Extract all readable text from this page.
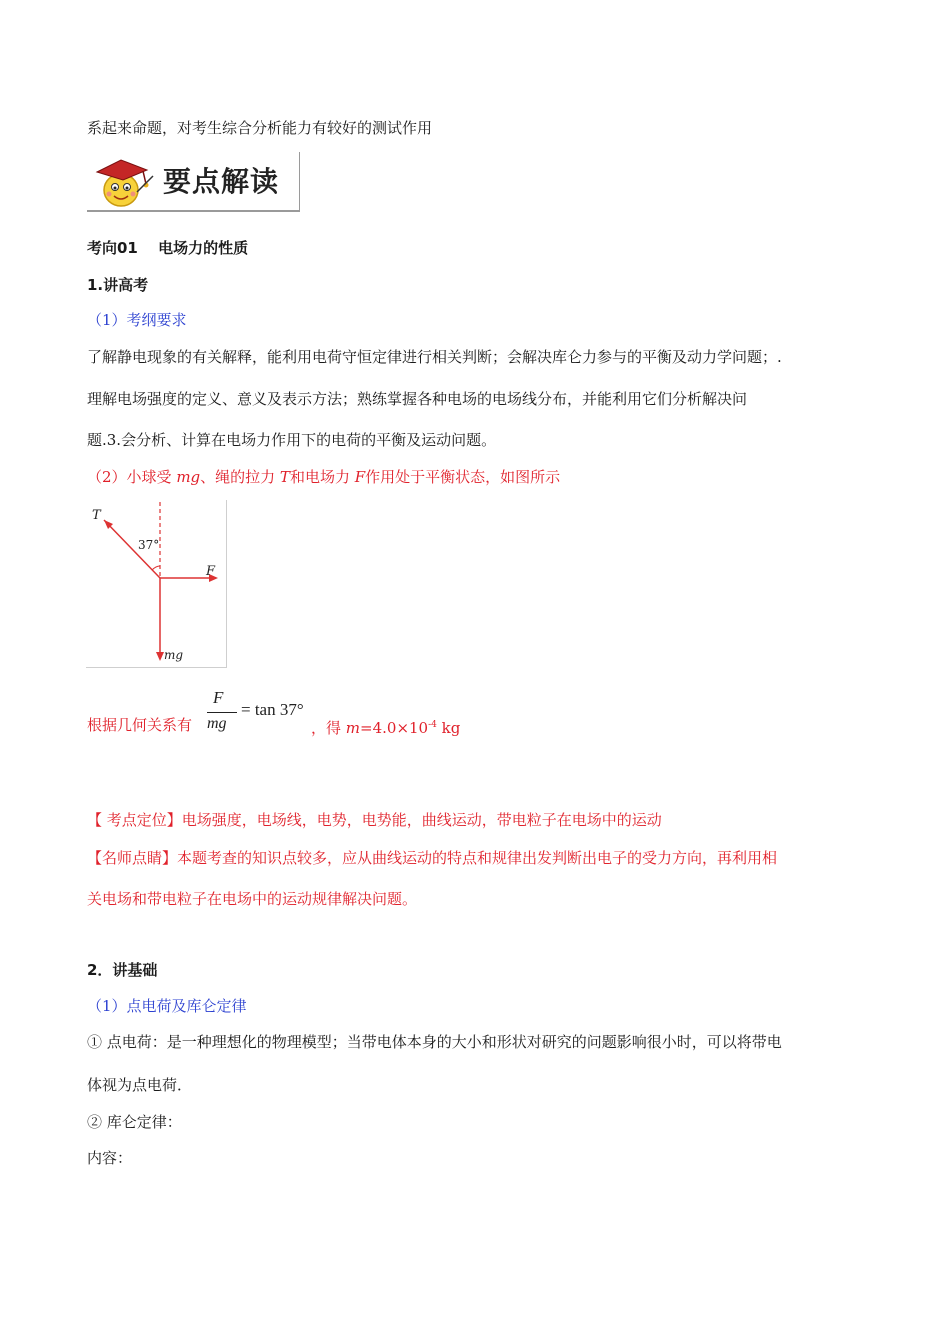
系起来命题，对考生综合分析能力有较好的测试作用
要点解读
考向01　 电场力的性质
1.讲高考
（1）考纲要求
了解静电现象的有关解释，能利用电荷守恒定律进行相关判断；会解决库仑力参与的平衡及动力学问题；.
理解电场强度的定义、意义及表示方法；熟练掌握各种电场的电场线分布，并能利用它们分析解决问
题.3.会分析、计算在电场力作用下的电荷的平衡及运动问题。
（2）小球受 mg、绳的拉力 T和电场力 F作用处于平衡状态，如图所示
T
37°
F
mg
根据几何关系有
F
mg
= tan 37°
，得 $m=4.0\times 10^{-4}$ kg
【 考点定位】电场强度，电场线，电势，电势能，曲线运动，带电粒子在电场中的运动
【名师点睛】本题考查的知识点较多，应从曲线运动的特点和规律出发判断出电子的受力方向，再利用相
关电场和带电粒子在电场中的运动规律解决问题。
2．讲基础
（1）点电荷及库仑定律
① 点电荷：是一种理想化的物理模型；当带电体本身的大小和形状对研究的问题影响很小时，可以将带电
体视为点电荷．
② 库仑定律：
内容：
